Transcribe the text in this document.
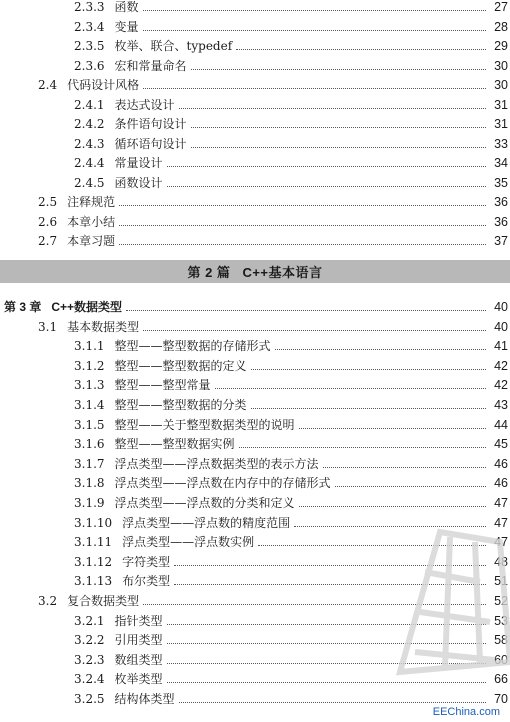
2.3.3 函数	27
2.3.4 变量	28
2.3.5 枚举、联合、typedef	29
2.3.6 宏和常量命名	30
2.4 代码设计风格	30
2.4.1 表达式设计	31
2.4.2 条件语句设计	31
2.4.3 循环语句设计	33
2.4.4 常量设计	34
2.4.5 函数设计	35
2.5 注释规范	36
2.6 本章小结	36
2.7 本章习题	37
第 2 篇 C++基本语言
第 3 章 C++数据类型	40
3.1 基本数据类型	40
3.1.1 整型——整型数据的存储形式	41
3.1.2 整型——整型数据的定义	42
3.1.3 整型——整型常量	42
3.1.4 整型——整型数据的分类	43
3.1.5 整型——关于整型数据类型的说明	44
3.1.6 整型——整型数据实例	45
3.1.7 浮点类型——浮点数据类型的表示方法	46
3.1.8 浮点类型——浮点数在内存中的存储形式	46
3.1.9 浮点类型——浮点数的分类和定义	47
3.1.10 浮点类型——浮点数的精度范围	47
3.1.11 浮点类型——浮点数实例	47
3.1.12 字符类型	48
3.1.13 布尔类型	51
3.2 复合数据类型	52
3.2.1 指针类型	53
3.2.2 引用类型	58
3.2.3 数组类型	60
3.2.4 枚举类型	66
3.2.5 结构体类型	70
EEChina.com
